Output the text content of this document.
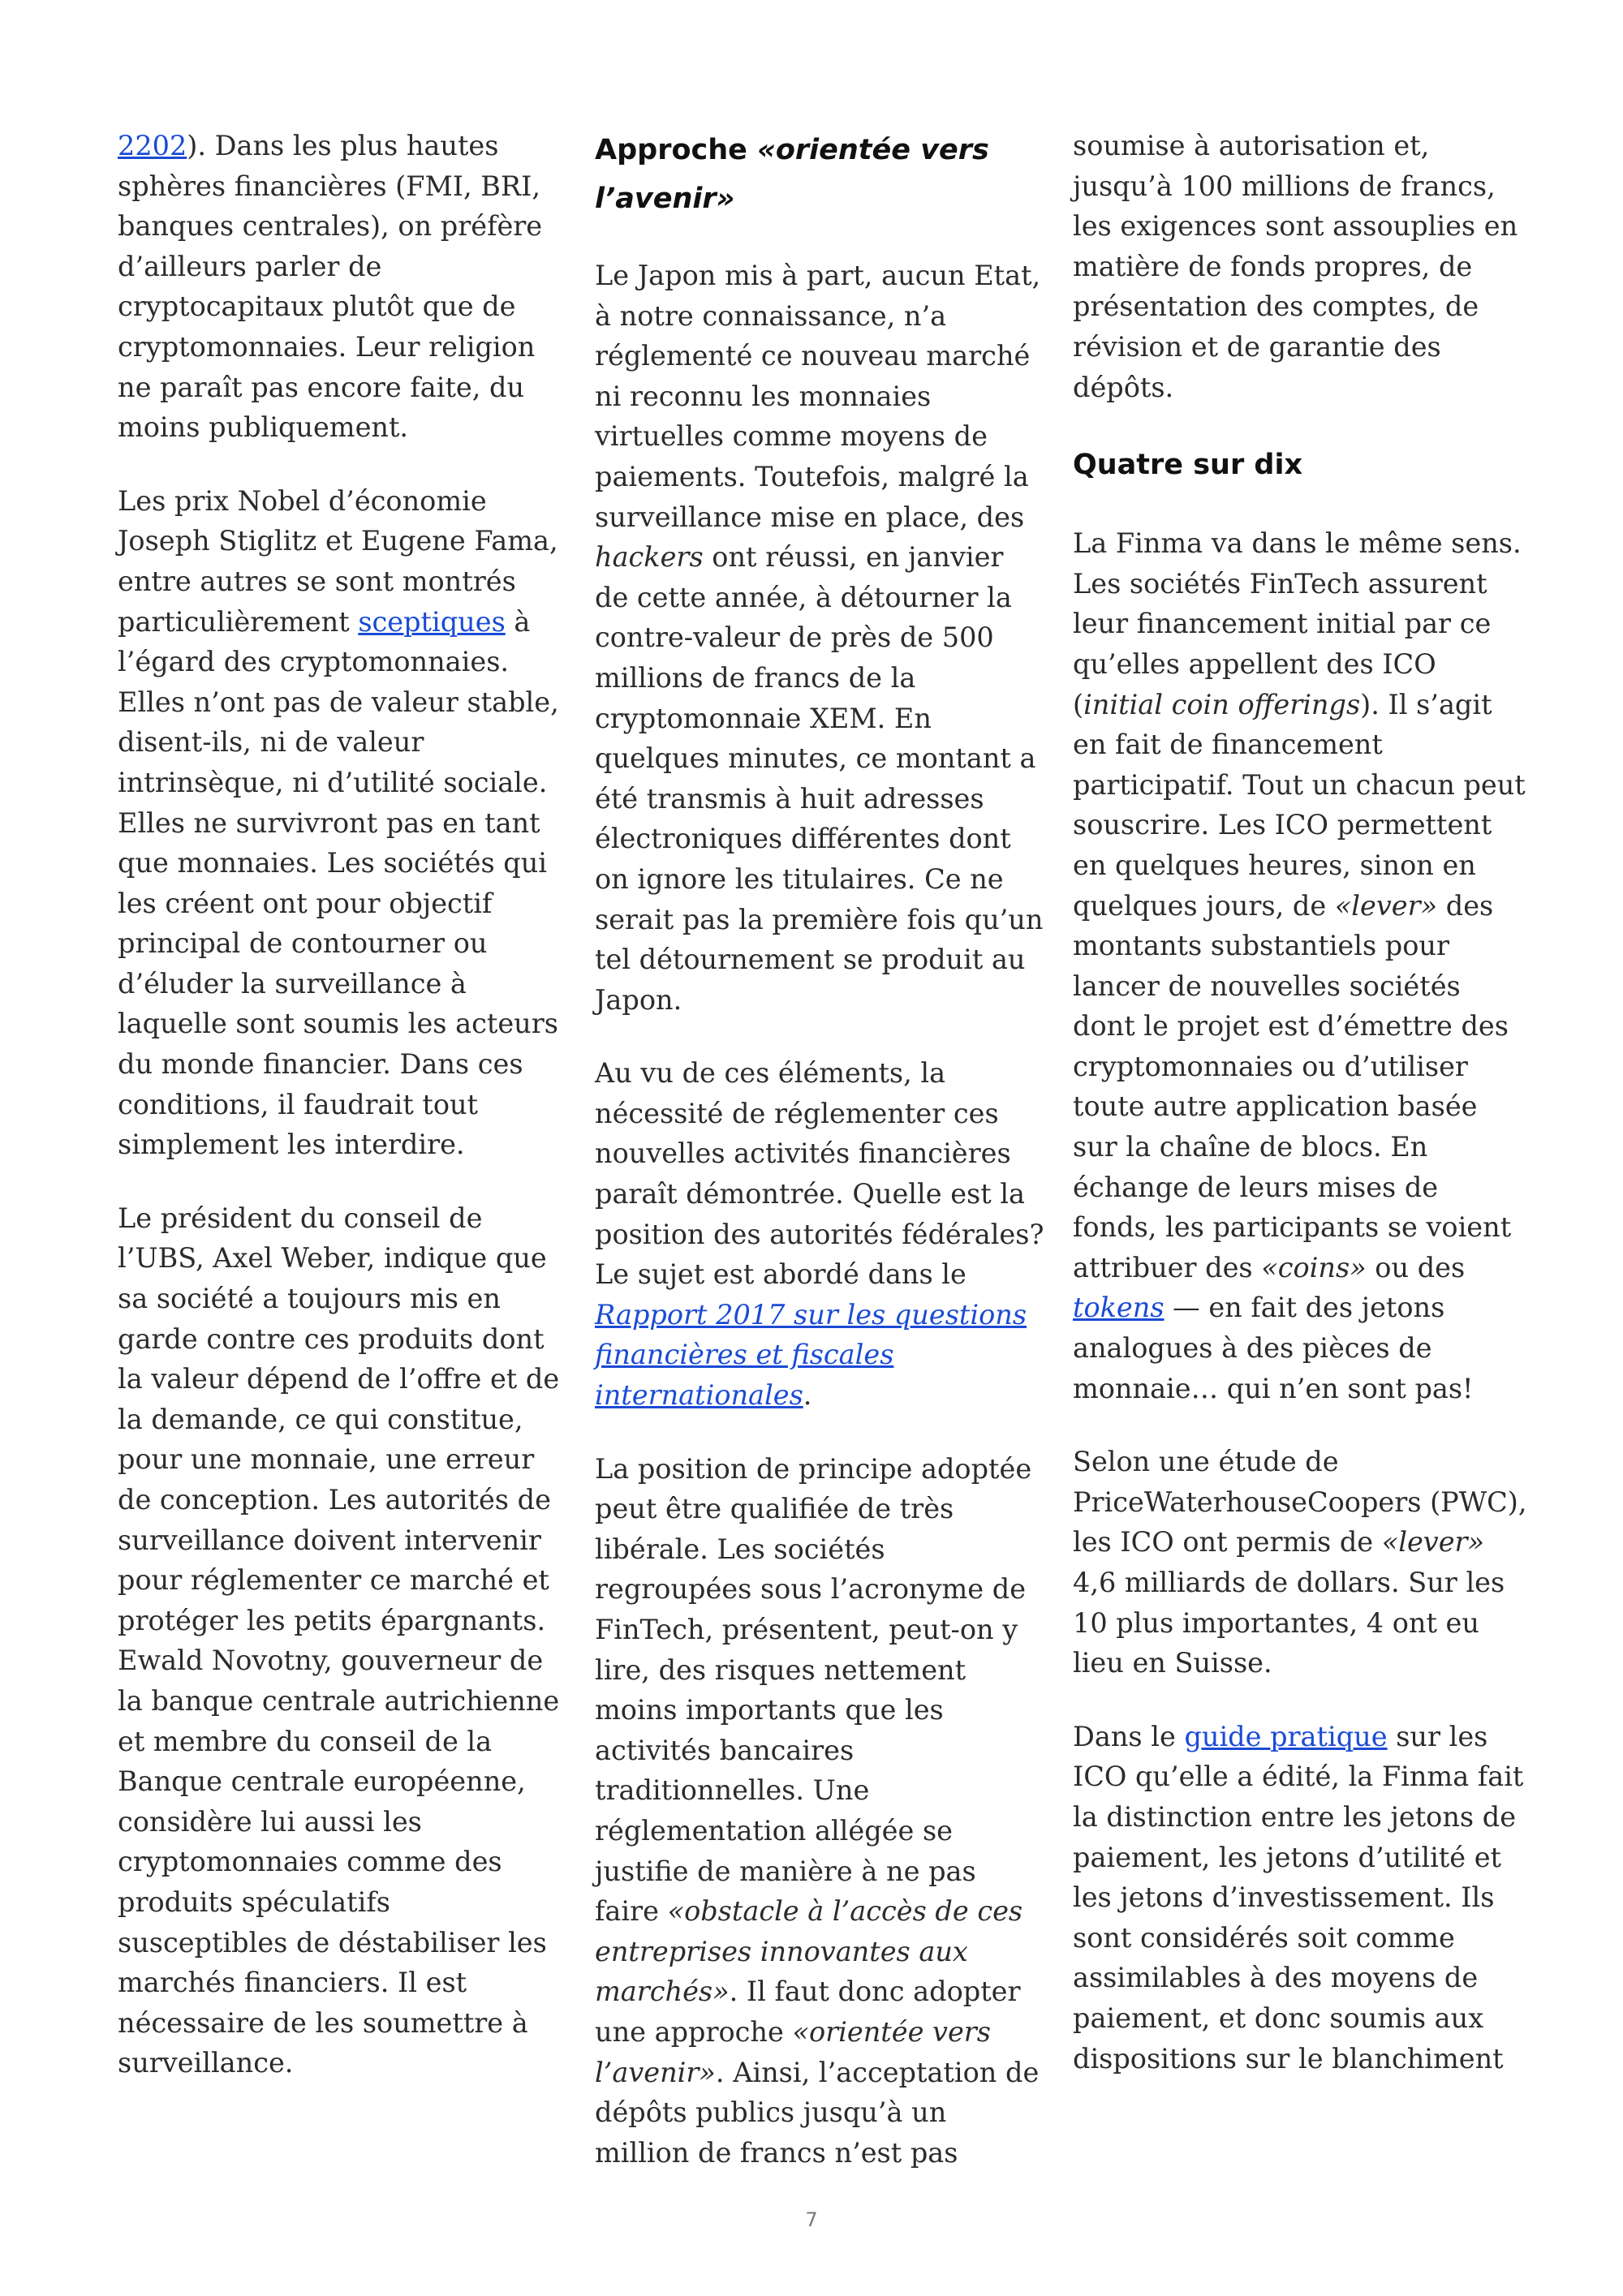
2202). Dans les plus hautes sphères financières (FMI, BRI, banques centrales), on préfère d’ailleurs parler de cryptocapitaux plutôt que de cryptomonnaies. Leur religion ne paraît pas encore faite, du moins publiquement.

Les prix Nobel d’économie Joseph Stiglitz et Eugene Fama, entre autres se sont montrés particulièrement sceptiques à l’égard des cryptomonnaies. Elles n’ont pas de valeur stable, disent-ils, ni de valeur intrinsèque, ni d’utilité sociale. Elles ne survivront pas en tant que monnaies. Les sociétés qui les créent ont pour objectif principal de contourner ou d’éluder la surveillance à laquelle sont soumis les acteurs du monde financier. Dans ces conditions, il faudrait tout simplement les interdire.

Le président du conseil de l’UBS, Axel Weber, indique que sa société a toujours mis en garde contre ces produits dont la valeur dépend de l’offre et de la demande, ce qui constitue, pour une monnaie, une erreur de conception. Les autorités de surveillance doivent intervenir pour réglementer ce marché et protéger les petits épargnants. Ewald Novotny, gouverneur de la banque centrale autrichienne et membre du conseil de la Banque centrale européenne, considère lui aussi les cryptomonnaies comme des produits spéculatifs susceptibles de déstabiliser les marchés financiers. Il est nécessaire de les soumettre à surveillance.

Approche «orientée vers l’avenir»

Le Japon mis à part, aucun Etat, à notre connaissance, n’a réglementé ce nouveau marché ni reconnu les monnaies virtuelles comme moyens de paiements. Toutefois, malgré la surveillance mise en place, des hackers ont réussi, en janvier de cette année, à détourner la contre-valeur de près de 500 millions de francs de la cryptomonnaie XEM. En quelques minutes, ce montant a été transmis à huit adresses électroniques différentes dont on ignore les titulaires. Ce ne serait pas la première fois qu’un tel détournement se produit au Japon.

Au vu de ces éléments, la nécessité de réglementer ces nouvelles activités financières paraît démontrée. Quelle est la position des autorités fédérales? Le sujet est abordé dans le Rapport 2017 sur les questions financières et fiscales internationales.

La position de principe adoptée peut être qualifiée de très libérale. Les sociétés regroupées sous l’acronyme de FinTech, présentent, peut-on y lire, des risques nettement moins importants que les activités bancaires traditionnelles. Une réglementation allégée se justifie de manière à ne pas faire «obstacle à l’accès de ces entreprises innovantes aux marchés». Il faut donc adopter une approche «orientée vers l’avenir». Ainsi, l’acceptation de dépôts publics jusqu’à un million de francs n’est pas

soumise à autorisation et, jusqu’à 100 millions de francs, les exigences sont assouplies en matière de fonds propres, de présentation des comptes, de révision et de garantie des dépôts.

Quatre sur dix

La Finma va dans le même sens. Les sociétés FinTech assurent leur financement initial par ce qu’elles appellent des ICO (initial coin offerings). Il s’agit en fait de financement participatif. Tout un chacun peut souscrire. Les ICO permettent en quelques heures, sinon en quelques jours, de «lever» des montants substantiels pour lancer de nouvelles sociétés dont le projet est d’émettre des cryptomonnaies ou d’utiliser toute autre application basée sur la chaîne de blocs. En échange de leurs mises de fonds, les participants se voient attribuer des «coins» ou des tokens — en fait des jetons analogues à des pièces de monnaie… qui n’en sont pas!

Selon une étude de PriceWaterhouseCoopers (PWC), les ICO ont permis de «lever» 4,6 milliards de dollars. Sur les 10 plus importantes, 4 ont eu lieu en Suisse.

Dans le guide pratique sur les ICO qu’elle a édité, la Finma fait la distinction entre les jetons de paiement, les jetons d’utilité et les jetons d’investissement. Ils sont considérés soit comme assimilables à des moyens de paiement, et donc soumis aux dispositions sur le blanchiment

7
